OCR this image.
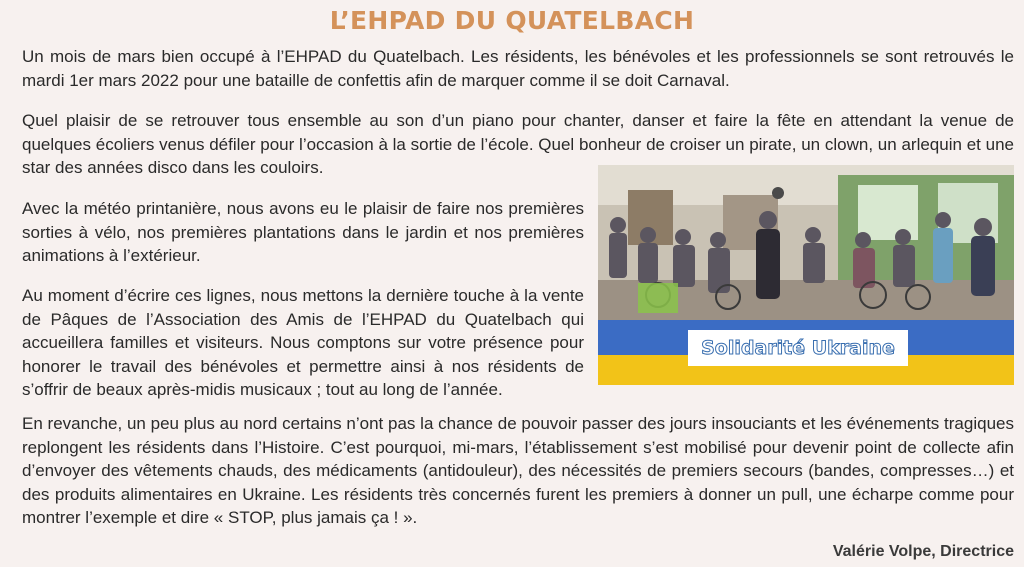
L’EHPAD DU QUATELBACH

Un mois de mars bien occupé à l’EHPAD du Quatelbach. Les résidents, les bénévoles et les professionnels se sont retrouvés le mardi 1er mars 2022 pour une bataille de confettis afin de marquer comme il se doit Carnaval.

Quel plaisir de se retrouver tous ensemble au son d’un piano pour chanter, danser et faire la fête en attendant la venue de quelques écoliers venus défiler pour l’occasion à la sortie de l’école. Quel bonheur de croiser un pirate, un clown, un arlequin et une star des années disco dans les couloirs.

Avec la météo printanière, nous avons eu le plaisir de faire nos premières sorties à vélo, nos premières plantations dans le jardin et nos premières animations à l’extérieur.

Au moment d’écrire ces lignes, nous mettons la dernière touche à la vente de Pâques de l’Association des Amis de l’EHPAD du Quatelbach qui accueillera familles et visiteurs. Nous comptons sur votre présence pour honorer le travail des bénévoles et permettre ainsi à nos résidents de s’offrir de beaux après-midis musicaux ; tout au long de l’année.

Solidarité Ukraine

En revanche, un peu plus au nord certains n’ont pas la chance de pouvoir passer des jours insouciants et les événements tragiques replongent les résidents dans l’Histoire. C’est pourquoi, mi-mars, l’établissement s’est mobilisé pour devenir point de collecte afin d’envoyer des vêtements chauds, des médicaments (antidouleur), des nécessités de premiers secours (bandes, compresses…) et des produits alimentaires en Ukraine. Les résidents très concernés furent les premiers à donner un pull, une écharpe comme pour montrer l’exemple et dire « STOP, plus jamais ça ! ».

Valérie Volpe, Directrice
